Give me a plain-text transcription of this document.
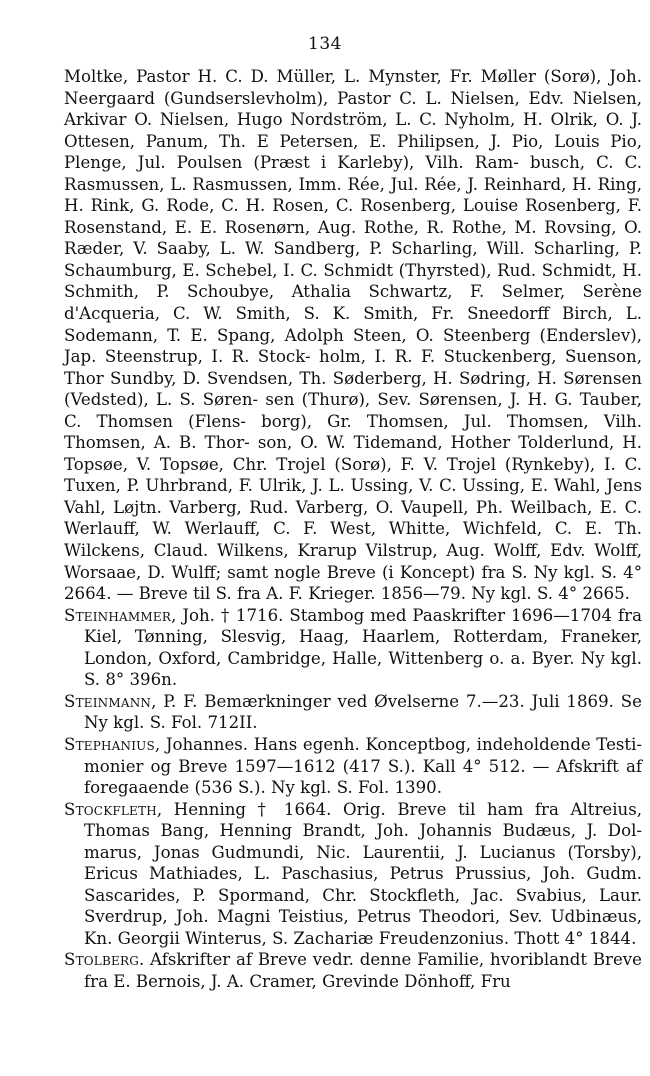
134

Moltke, Pastor H. C. D. Müller, L. Mynster, Fr. Møller (Sorø), Joh. Neergaard (Gundserslevholm), Pastor C. L. Nielsen, Edv. Nielsen, Arkivar O. Nielsen, Hugo Nordström, L. C. Nyholm, H. Olrik, O. J. Ottesen, Panum, Th. E Petersen, E. Philipsen, J. Pio, Louis Pio, Plenge, Jul. Poulsen (Præst i Karleby), Vilh. Ram- busch, C. C. Rasmussen, L. Rasmussen, Imm. Rée, Jul. Rée, J. Reinhard, H. Ring, H. Rink, G. Rode, C. H. Rosen, C. Rosenberg, Louise Rosenberg, F. Rosenstand, E. E. Rosenørn, Aug. Rothe, R. Rothe, M. Rovsing, O. Ræder, V. Saaby, L. W. Sandberg, P. Scharling, Will. Scharling, P. Schaumburg, E. Schebel, I. C. Schmidt (Thyrsted), Rud. Schmidt, H. Schmith, P. Schoubye, Athalia Schwartz, F. Selmer, Serène d'Acqueria, C. W. Smith, S. K. Smith, Fr. Sneedorff Birch, L. Sodemann, T. E. Spang, Adolph Steen, O. Steenberg (Enderslev), Jap. Steenstrup, I. R. Stock- holm, I. R. F. Stuckenberg, Suenson, Thor Sundby, D. Svendsen, Th. Søderberg, H. Sødring, H. Sørensen (Vedsted), L. S. Søren- sen (Thurø), Sev. Sørensen, J. H. G. Tauber, C. Thomsen (Flens- borg), Gr. Thomsen, Jul. Thomsen, Vilh. Thomsen, A. B. Thor- son, O. W. Tidemand, Hother Tolderlund, H. Topsøe, V. Topsøe, Chr. Trojel (Sorø), F. V. Trojel (Rynkeby), I. C. Tuxen, P. Uhrbrand, F. Ulrik, J. L. Ussing, V. C. Ussing, E. Wahl, Jens Vahl, Løjtn. Varberg, Rud. Varberg, O. Vaupell, Ph. Weilbach, E. C. Werlauff, W. Werlauff, C. F. West, Whitte, Wichfeld, C. E. Th. Wilckens, Claud. Wilkens, Krarup Vilstrup, Aug. Wolff, Edv. Wolff, Worsaae, D. Wulff; samt nogle Breve (i Koncept) fra S. Ny kgl. S. 4° 2664. — Breve til S. fra A. F. Krieger. 1856—79. Ny kgl. S. 4° 2665.

Steinhammer, Joh. † 1716. Stambog med Paaskrifter 1696—1704 fra Kiel, Tønning, Slesvig, Haag, Haarlem, Rotterdam, Franeker, London, Oxford, Cambridge, Halle, Wittenberg o. a. Byer. Ny kgl. S. 8° 396n.

Steinmann, P. F. Bemærkninger ved Øvelserne 7.—23. Juli 1869. Se Ny kgl. S. Fol. 712II.

Stephanius, Johannes. Hans egenh. Konceptbog, indeholdende Testi- monier og Breve 1597—1612 (417 S.). Kall 4° 512. — Afskrift af foregaaende (536 S.). Ny kgl. S. Fol. 1390.

Stockfleth, Henning † 1664. Orig. Breve til ham fra Altreius, Thomas Bang, Henning Brandt, Joh. Johannis Budæus, J. Dol- marus, Jonas Gudmundi, Nic. Laurentii, J. Lucianus (Torsby), Ericus Mathiades, L. Paschasius, Petrus Prussius, Joh. Gudm. Sascarides, P. Spormand, Chr. Stockfleth, Jac. Svabius, Laur. Sverdrup, Joh. Magni Teistius, Petrus Theodori, Sev. Udbinæus, Kn. Georgii Winterus, S. Zachariæ Freudenzonius. Thott 4° 1844.

Stolberg. Afskrifter af Breve vedr. denne Familie, hvoriblandt Breve fra E. Bernois, J. A. Cramer, Grevinde Dönhoff, Fru
